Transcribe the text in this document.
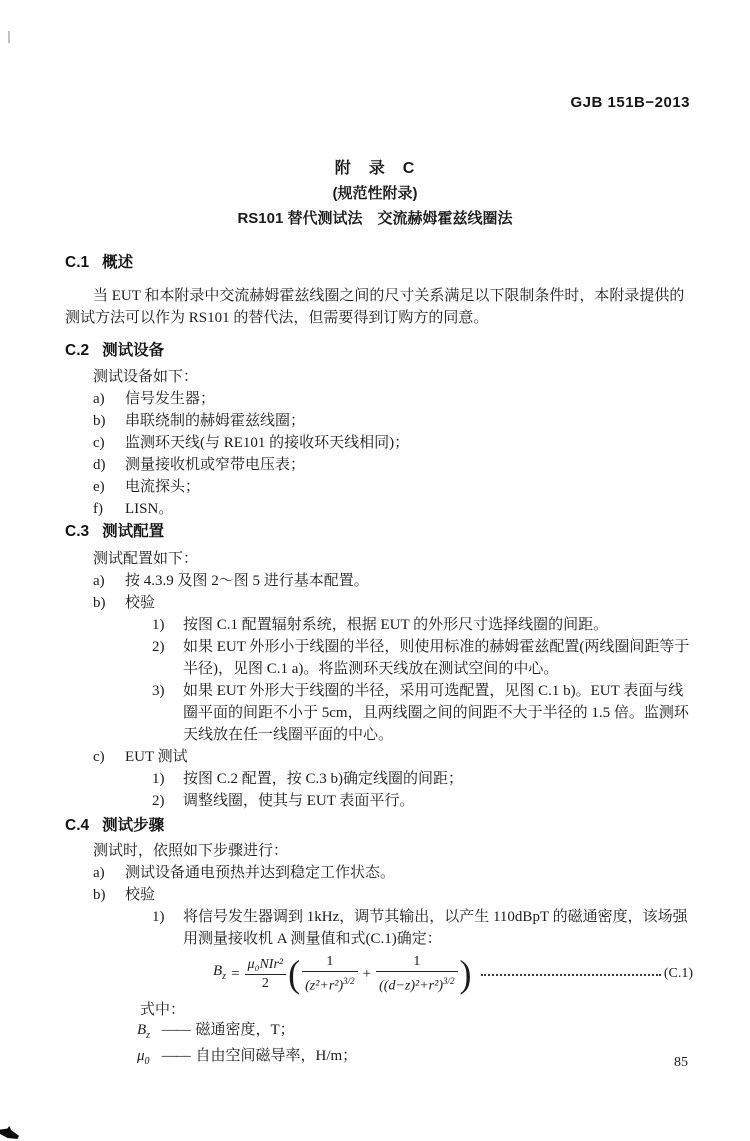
GJB 151B−2013
附　录　C
(规范性附录)
RS101 替代测试法　交流赫姆霍兹线圈法
C.1 概述

当 EUT 和本附录中交流赫姆霍兹线圈之间的尺寸关系满足以下限制条件时，本附录提供的测试方法可以作为 RS101 的替代法，但需要得到订购方的同意。

C.2 测试设备

测试设备如下：

a) 信号发生器；
b) 串联绕制的赫姆霍兹线圈；
c) 监测环天线(与 RE101 的接收环天线相同)；
d) 测量接收机或窄带电压表；
e) 电流探头；
f) LISN。
C.3 测试配置

测试配置如下：

a) 按 4.3.9 及图 2～图 5 进行基本配置。
b) 校验
1) 按图 C.1 配置辐射系统，根据 EUT 的外形尺寸选择线圈的间距。
2) 如果 EUT 外形小于线圈的半径，则使用标准的赫姆霍兹配置(两线圈间距等于半径)，见图 C.1 a)。将监测环天线放在测试空间的中心。
3) 如果 EUT 外形大于线圈的半径，采用可选配置，见图 C.1 b)。EUT 表面与线圈平面的间距不小于 5cm，且两线圈之间的间距不大于半径的 1.5 倍。监测环天线放在任一线圈平面的中心。
c) EUT 测试
1) 按图 C.2 配置，按 C.3 b)确定线圈的间距；
2) 调整线圈，使其与 EUT 表面平行。
C.4 测试步骤

测试时，依照如下步骤进行：

a) 测试设备通电预热并达到稳定工作状态。
b) 校验
1) 将信号发生器调到 1kHz，调节其输出，以产生 110dBpT 的磁通密度，该场强用测量接收机 A 测量值和式(C.1)确定：
$B_z = \frac{\text{μ₀NIr²}}{2}$ ( $\frac{1}{(z^2+r^2)^{3/2}} + \frac{1}{((d-z)^2+r^2)^{3/2}}$ )	(C.1)
式中：
$B_z$ —— 磁通密度，T；
$\mu_0$ —— 自由空间磁导率，H/m；	85
